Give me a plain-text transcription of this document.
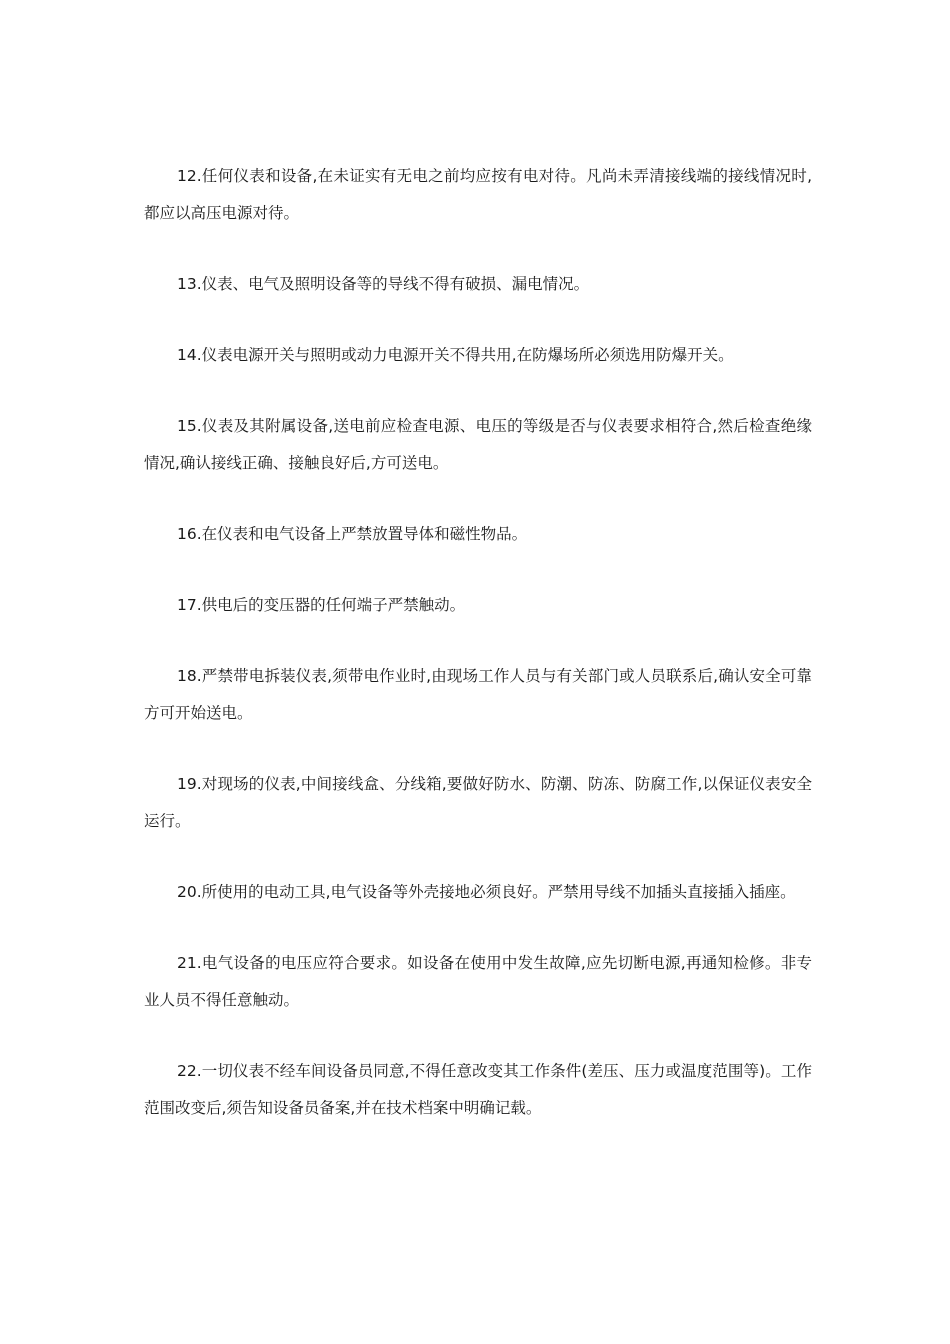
12.任何仪表和设备,在未证实有无电之前均应按有电对待。凡尚未弄清接线端的接线情况时,都应以高压电源对待。

13.仪表、电气及照明设备等的导线不得有破损、漏电情况。

14.仪表电源开关与照明或动力电源开关不得共用,在防爆场所必须选用防爆开关。

15.仪表及其附属设备,送电前应检查电源、电压的等级是否与仪表要求相符合,然后检查绝缘情况,确认接线正确、接触良好后,方可送电。

16.在仪表和电气设备上严禁放置导体和磁性物品。

17.供电后的变压器的任何端子严禁触动。

18.严禁带电拆装仪表,须带电作业时,由现场工作人员与有关部门或人员联系后,确认安全可靠方可开始送电。

19.对现场的仪表,中间接线盒、分线箱,要做好防水、防潮、防冻、防腐工作,以保证仪表安全运行。

20.所使用的电动工具,电气设备等外壳接地必须良好。严禁用导线不加插头直接插入插座。

21.电气设备的电压应符合要求。如设备在使用中发生故障,应先切断电源,再通知检修。非专业人员不得任意触动。

22.一切仪表不经车间设备员同意,不得任意改变其工作条件(差压、压力或温度范围等)。工作范围改变后,须告知设备员备案,并在技术档案中明确记载。
